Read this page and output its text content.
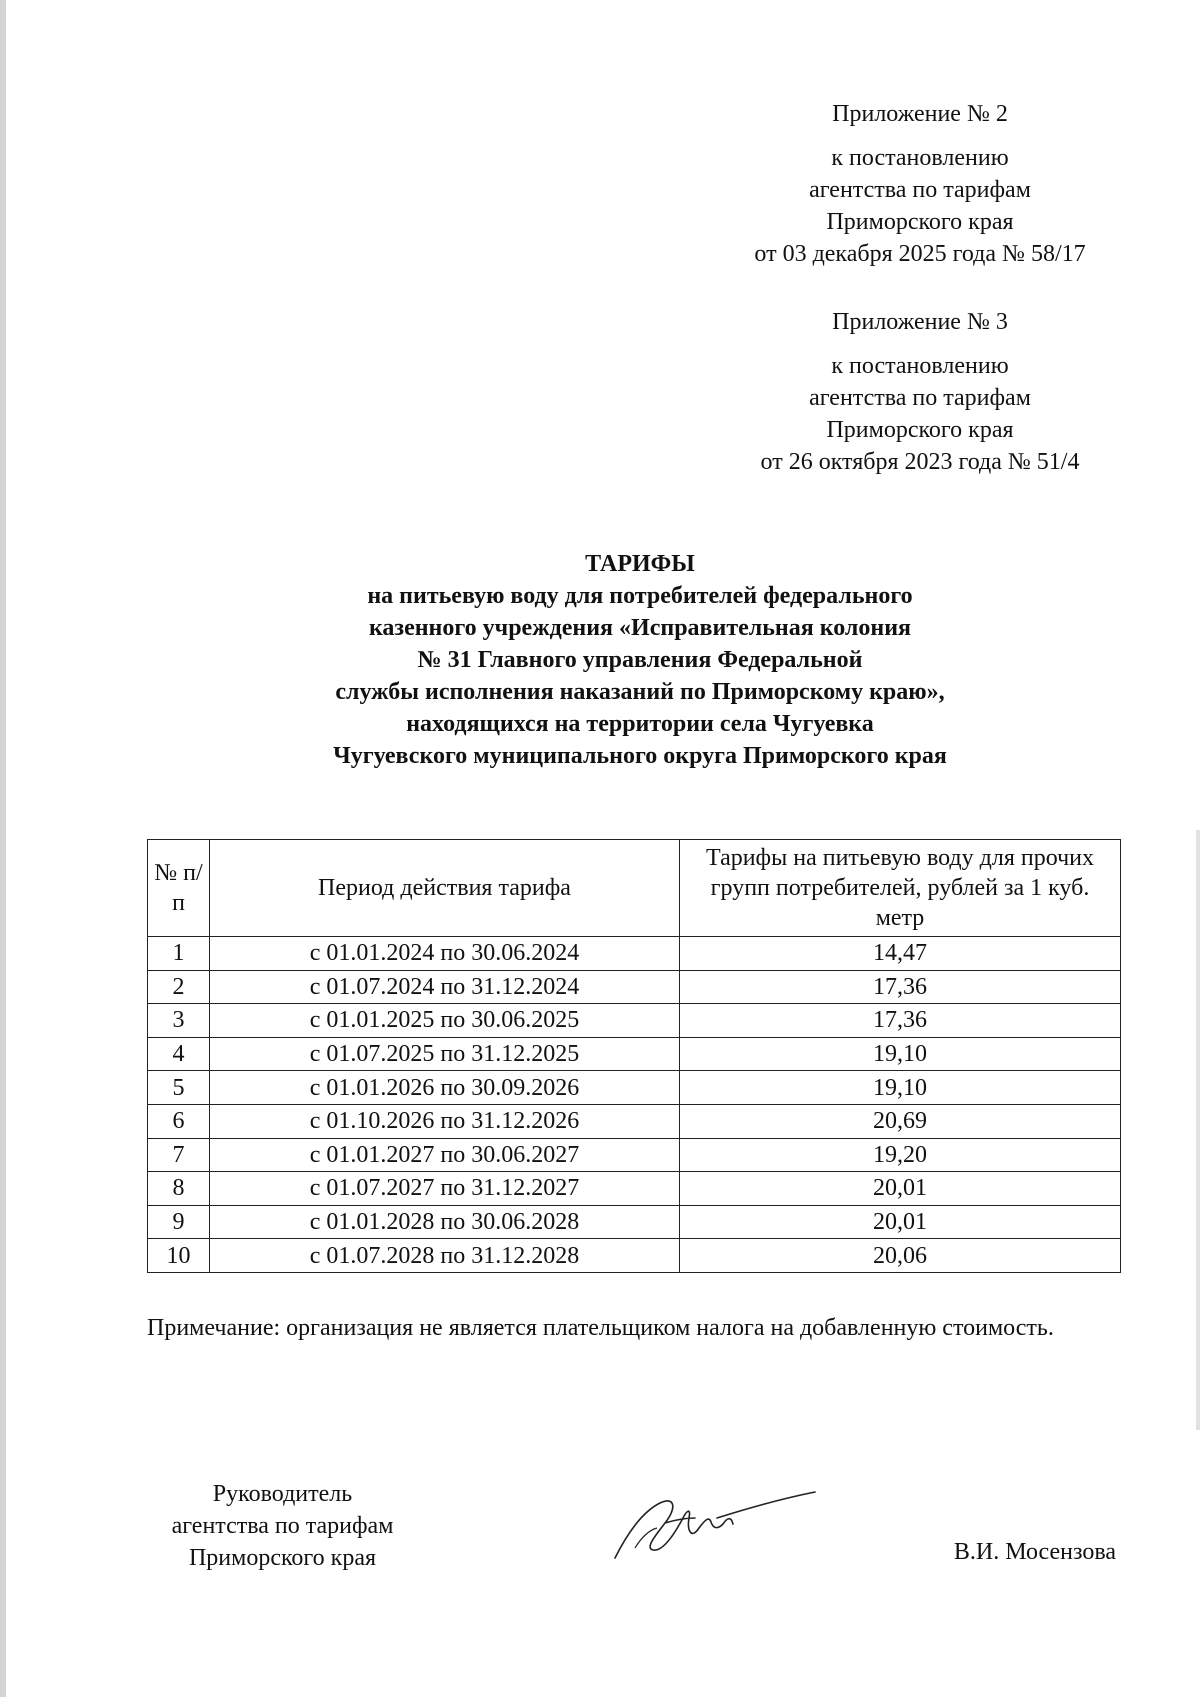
Приложение № 2
к постановлению
агентства по тарифам
Приморского края
от 03 декабря 2025 года № 58/17
Приложение № 3
к постановлению
агентства по тарифам
Приморского края
от 26 октября 2023 года № 51/4
ТАРИФЫ
на питьевую воду для потребителей федерального
казенного учреждения «Исправительная колония
№ 31 Главного управления Федеральной
службы исполнения наказаний по Приморскому краю»,
находящихся на территории села Чугуевка
Чугуевского муниципального округа Приморского края
№ п/п	Период действия тарифа	Тарифы на питьевую воду для прочих групп потребителей, рублей за 1 куб. метр
1	с 01.01.2024 по 30.06.2024	14,47
2	с 01.07.2024 по 31.12.2024	17,36
3	с 01.01.2025 по 30.06.2025	17,36
4	с 01.07.2025 по 31.12.2025	19,10
5	с 01.01.2026 по 30.09.2026	19,10
6	с 01.10.2026 по 31.12.2026	20,69
7	с 01.01.2027 по 30.06.2027	19,20
8	с 01.07.2027 по 31.12.2027	20,01
9	с 01.01.2028 по 30.06.2028	20,01
10	с 01.07.2028 по 31.12.2028	20,06
Примечание: организация не является плательщиком налога на добавленную стоимость.
Руководитель
агентства по тарифам
Приморского края	В.И. Мосензова
